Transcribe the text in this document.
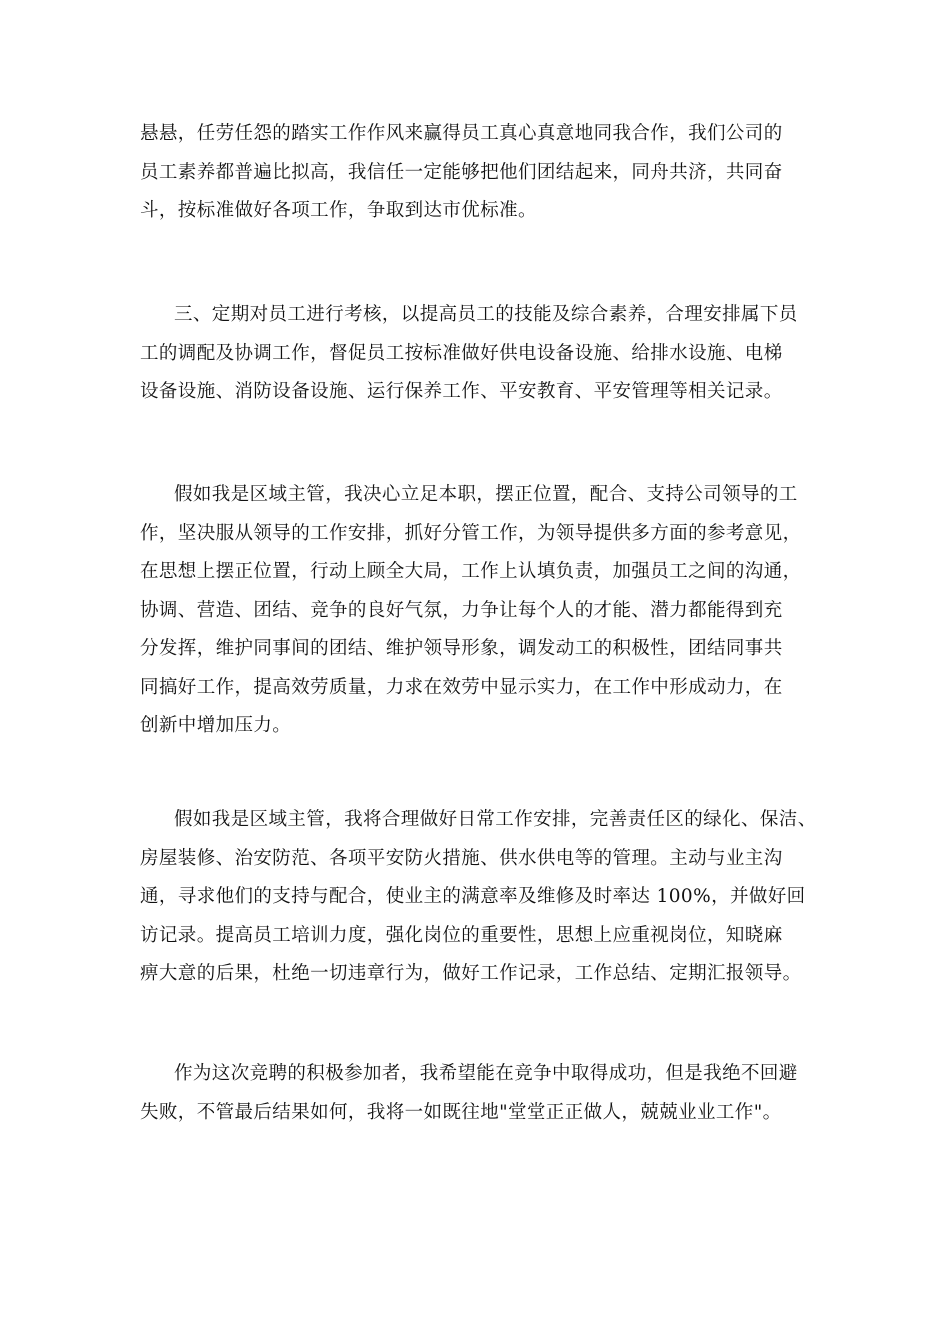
悬悬，任劳任怨的踏实工作作风来赢得员工真心真意地同我合作，我们公司的
员工素养都普遍比拟高，我信任一定能够把他们团结起来，同舟共济，共同奋
斗，按标准做好各项工作，争取到达市优标准。
三、定期对员工进行考核，以提高员工的技能及综合素养，合理安排属下员
工的调配及协调工作，督促员工按标准做好供电设备设施、给排水设施、电梯
设备设施、消防设备设施、运行保养工作、平安教育、平安管理等相关记录。
假如我是区域主管，我决心立足本职，摆正位置，配合、支持公司领导的工
作，坚决服从领导的工作安排，抓好分管工作，为领导提供多方面的参考意见，
在思想上摆正位置，行动上顾全大局，工作上认填负责，加强员工之间的沟通，
协调、营造、团结、竞争的良好气氛，力争让每个人的才能、潜力都能得到充
分发挥，维护同事间的团结、维护领导形象，调发动工的积极性，团结同事共
同搞好工作，提高效劳质量，力求在效劳中显示实力，在工作中形成动力，在
创新中增加压力。
假如我是区域主管，我将合理做好日常工作安排，完善责任区的绿化、保洁、
房屋装修、治安防范、各项平安防火措施、供水供电等的管理。主动与业主沟
通，寻求他们的支持与配合，使业主的满意率及维修及时率达 100%，并做好回
访记录。提高员工培训力度，强化岗位的重要性，思想上应重视岗位，知晓麻
痹大意的后果，杜绝一切违章行为，做好工作记录，工作总结、定期汇报领导。
作为这次竞聘的积极参加者，我希望能在竞争中取得成功，但是我绝不回避
失败，不管最后结果如何，我将一如既往地"堂堂正正做人，兢兢业业工作"。
